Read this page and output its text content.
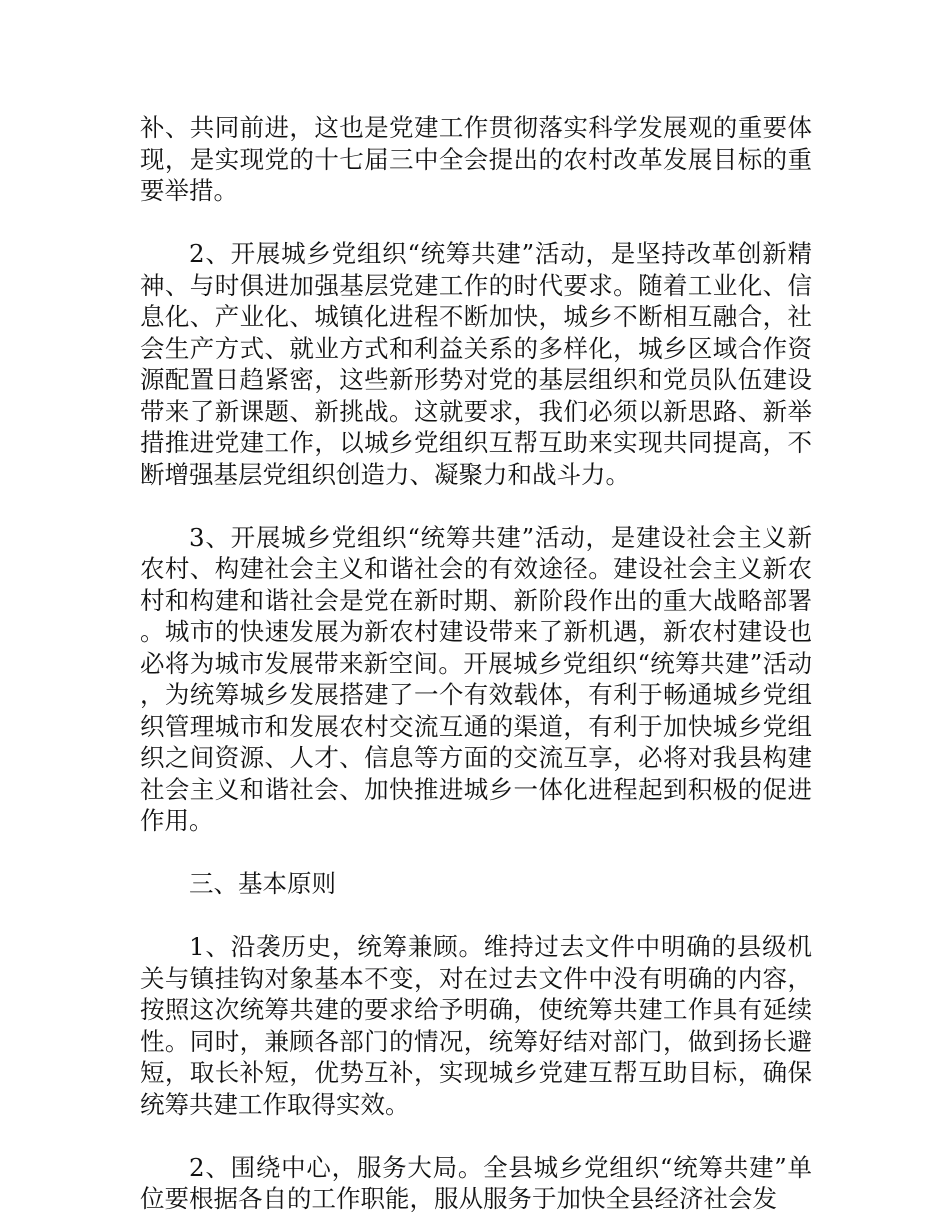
补、共同前进，这也是党建工作贯彻落实科学发展观的重要体现，是实现党的十七届三中全会提出的农村改革发展目标的重要举措。

2、开展城乡党组织“统筹共建”活动，是坚持改革创新精神、与时俱进加强基层党建工作的时代要求。随着工业化、信息化、产业化、城镇化进程不断加快，城乡不断相互融合，社会生产方式、就业方式和利益关系的多样化，城乡区域合作资源配置日趋紧密，这些新形势对党的基层组织和党员队伍建设带来了新课题、新挑战。这就要求，我们必须以新思路、新举措推进党建工作，以城乡党组织互帮互助来实现共同提高，不断增强基层党组织创造力、凝聚力和战斗力。

3、开展城乡党组织“统筹共建”活动，是建设社会主义新农村、构建社会主义和谐社会的有效途径。建设社会主义新农村和构建和谐社会是党在新时期、新阶段作出的重大战略部署。城市的快速发展为新农村建设带来了新机遇，新农村建设也必将为城市发展带来新空间。开展城乡党组织“统筹共建”活动，为统筹城乡发展搭建了一个有效载体，有利于畅通城乡党组织管理城市和发展农村交流互通的渠道，有利于加快城乡党组织之间资源、人才、信息等方面的交流互享，必将对我县构建社会主义和谐社会、加快推进城乡一体化进程起到积极的促进作用。

三、基本原则

1、沿袭历史，统筹兼顾。维持过去文件中明确的县级机关与镇挂钩对象基本不变，对在过去文件中没有明确的内容，按照这次统筹共建的要求给予明确，使统筹共建工作具有延续性。同时，兼顾各部门的情况，统筹好结对部门，做到扬长避短，取长补短，优势互补，实现城乡党建互帮互助目标，确保统筹共建工作取得实效。

2、围绕中心，服务大局。全县城乡党组织“统筹共建”单位要根据各自的工作职能，服从服务于加快全县经济社会发
